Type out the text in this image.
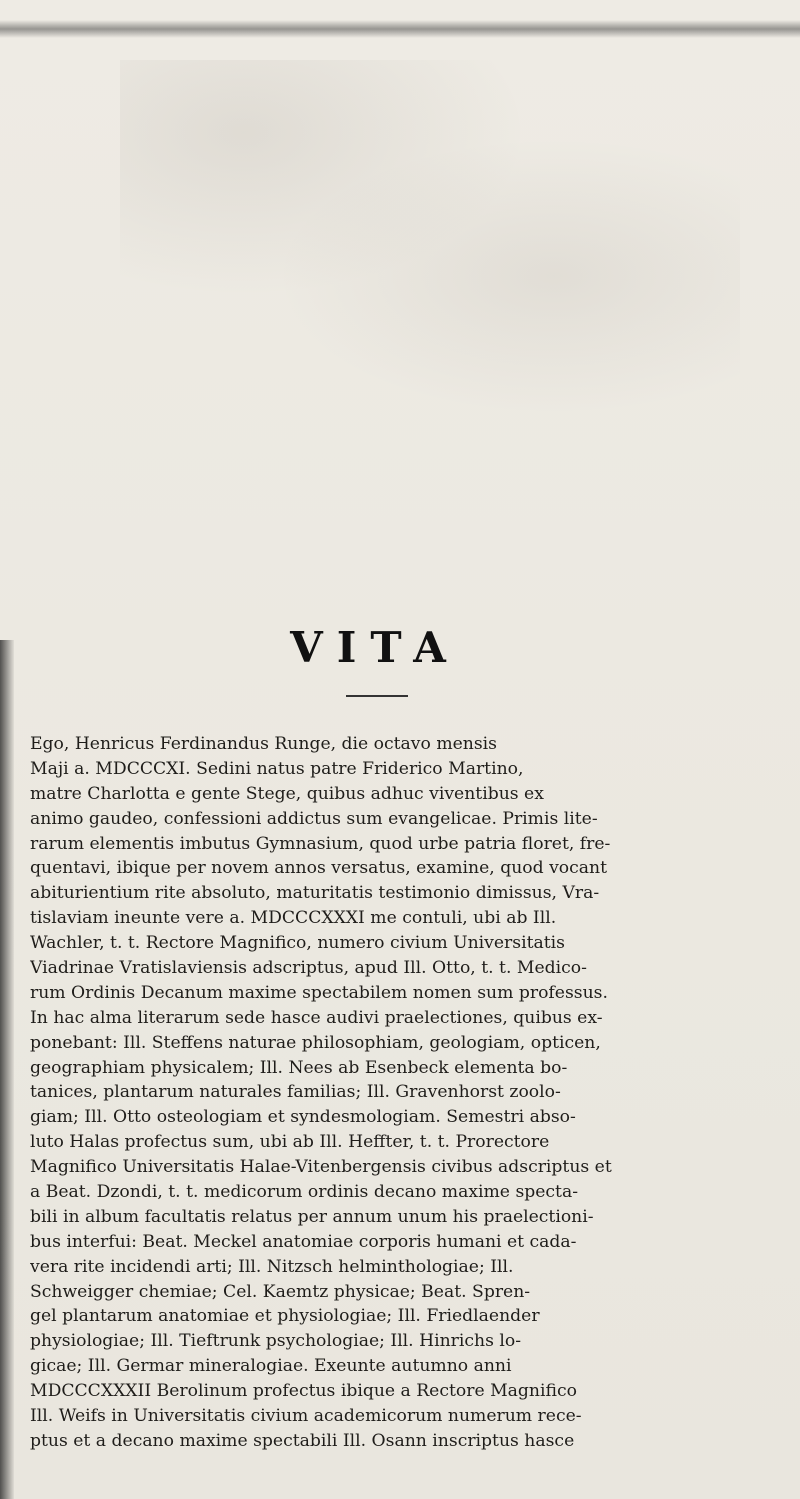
VITA
Ego, Henricus Ferdinandus Runge, die octavo mensis
Maji a. MDCCCXI. Sedini natus patre Friderico Martino,
matre Charlotta e gente Stege, quibus adhuc viventibus ex
animo gaudeo, confessioni addictus sum evangelicae. Primis lite-
rarum elementis imbutus Gymnasium, quod urbe patria floret, fre-
quentavi, ibique per novem annos versatus, examine, quod vocant
abiturientium rite absoluto, maturitatis testimonio dimissus, Vra-
tislaviam ineunte vere a. MDCCCXXXI me contuli, ubi ab Ill.
Wachler, t. t. Rectore Magnifico, numero civium Universitatis
Viadrinae Vratislaviensis adscriptus, apud Ill. Otto, t. t. Medico-
rum Ordinis Decanum maxime spectabilem nomen sum professus.
In hac alma literarum sede hasce audivi praelectiones, quibus ex-
ponebant: Ill. Steffens naturae philosophiam, geologiam, opticen,
geographiam physicalem; Ill. Nees ab Esenbeck elementa bo-
tanices, plantarum naturales familias; Ill. Gravenhorst zoolo-
giam; Ill. Otto osteologiam et syndesmologiam. Semestri abso-
luto Halas profectus sum, ubi ab Ill. Heffter, t. t. Prorectore
Magnifico Universitatis Halae-Vitenbergensis civibus adscriptus et
a Beat. Dzondi, t. t. medicorum ordinis decano maxime specta-
bili in album facultatis relatus per annum unum his praelectioni-
bus interfui: Beat. Meckel anatomiae corporis humani et cada-
vera rite incidendi arti; Ill. Nitzsch helminthologiae; Ill.
Schweigger chemiae; Cel. Kaemtz physicae; Beat. Spren-
gel plantarum anatomiae et physiologiae; Ill. Friedlaender
physiologiae; Ill. Tieftrunk psychologiae; Ill. Hinrichs lo-
gicae; Ill. Germar mineralogiae. Exeunte autumno anni
MDCCCXXXII Berolinum profectus ibique a Rectore Magnifico
Ill. Weifs in Universitatis civium academicorum numerum rece-
ptus et a decano maxime spectabili Ill. Osann inscriptus hasce
